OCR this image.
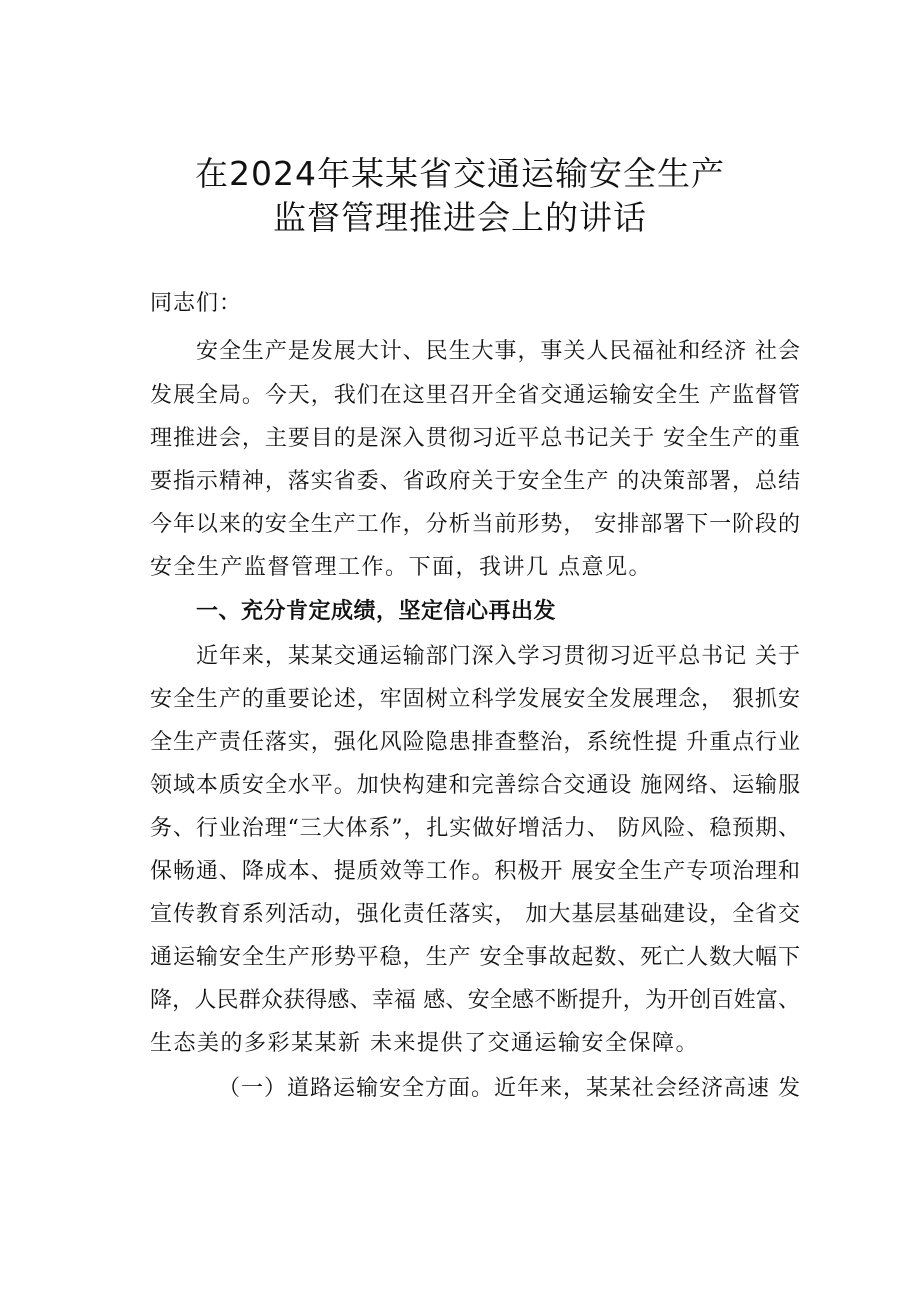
在2024年某某省交通运输安全生产
监督管理推进会上的讲话
同志们：
安全生产是发展大计、民生大事，事关人民福祉和经济 社会
发展全局。今天，我们在这里召开全省交通运输安全生 产监督管
理推进会，主要目的是深入贯彻习近平总书记关于 安全生产的重
要指示精神，落实省委、省政府关于安全生产 的决策部署，总结
今年以来的安全生产工作，分析当前形势， 安排部署下一阶段的
安全生产监督管理工作。下面，我讲几 点意见。
一、充分肯定成绩，坚定信心再出发
近年来，某某交通运输部门深入学习贯彻习近平总书记 关于
安全生产的重要论述，牢固树立科学发展安全发展理念， 狠抓安
全生产责任落实，强化风险隐患排查整治，系统性提 升重点行业
领域本质安全水平。加快构建和完善综合交通设 施网络、运输服
务、行业治理“三大体系”，扎实做好增活力、 防风险、稳预期、
保畅通、降成本、提质效等工作。积极开 展安全生产专项治理和
宣传教育系列活动，强化责任落实， 加大基层基础建设，全省交
通运输安全生产形势平稳，生产 安全事故起数、死亡人数大幅下
降，人民群众获得感、幸福 感、安全感不断提升，为开创百姓富、
生态美的多彩某某新 未来提供了交通运输安全保障。
（一）道路运输安全方面。近年来，某某社会经济高速 发
